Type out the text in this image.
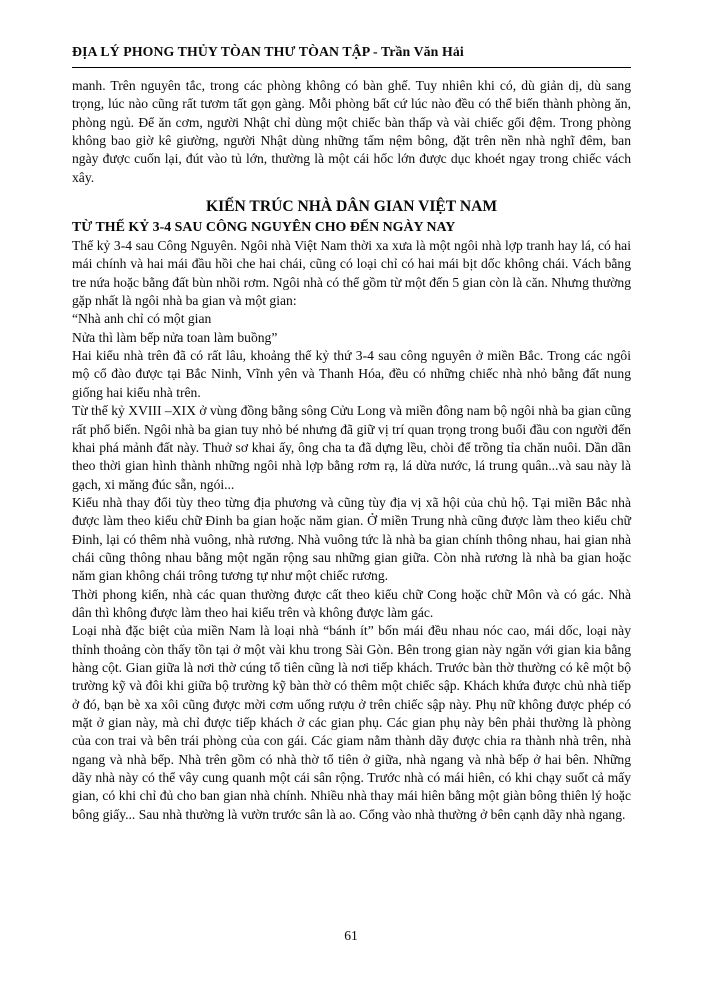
ĐỊA LÝ PHONG THỦY TÒAN THƯ TÒAN TẬP - Trần Văn Hải

manh. Trên nguyên tắc, trong các phòng không có bàn ghế. Tuy nhiên khi có, dù giản dị, dù sang trọng, lúc nào cũng rất tươm tất gọn gàng. Mỗi phòng bất cứ lúc nào đều có thể biến thành phòng ăn, phòng ngủ. Để ăn cơm, người Nhật chỉ dùng một chiếc bàn thấp và vài chiếc gối đệm. Trong phòng không bao giờ kê giường, người Nhật dùng những tấm nệm bông, đặt trên nền nhà nghĩ đêm, ban ngày được cuốn lại, đút vào tủ lớn, thường là một cái hốc lớn được dục khoét ngay trong chiếc vách xây.

KIẾN TRÚC NHÀ DÂN GIAN VIỆT NAM

TỪ THẾ KỶ 3-4 SAU CÔNG NGUYÊN CHO ĐẾN NGÀY NAY

Thế kỷ 3-4 sau Công Nguyên. Ngôi nhà Việt Nam thời xa xưa là một ngôi nhà lợp tranh hay lá, có hai mái chính và hai mái đầu hồi che hai chái, cũng có loại chỉ có hai mái bịt dốc không chái. Vách bằng tre nứa hoặc bằng đất bùn nhồi rơm. Ngôi nhà có thể gồm từ một đến 5 gian còn là căn. Nhưng thường gặp nhất là ngôi nhà ba gian và một gian:

“Nhà anh chỉ có một gian

Nửa thì làm bếp nửa toan làm buồng”

Hai kiểu nhà trên đã có rất lâu, khoảng thế kỷ thứ 3-4 sau công nguyên ở miền Bắc. Trong các ngôi mộ cổ đào được tại Bắc Ninh, Vĩnh yên và Thanh Hóa, đều có những chiếc nhà nhỏ bằng đất nung giống hai kiểu nhà trên.

Từ thế kỷ XVIII –XIX ở vùng đồng bằng sông Cửu Long và miền đông nam bộ ngôi nhà ba gian cũng rất phổ biến. Ngôi nhà ba gian tuy nhỏ bé nhưng đã giữ vị trí quan trọng trong buổi đầu con người đến khai phá mảnh đất này. Thuở sơ khai ấy, ông cha ta đã dựng lều, chòi để trồng tỉa chăn nuôi. Dần dần theo thời gian hình thành những ngôi nhà lợp bằng rơm rạ, lá dừa nước, lá trung quân...và sau này là gạch, xi măng đúc sẵn, ngói...

Kiểu nhà thay đổi tùy theo từng địa phương và cũng tùy địa vị xã hội của chủ hộ. Tại miền Bắc nhà được làm theo kiểu chữ Đinh ba gian hoặc năm gian. Ở miền Trung nhà cũng được làm theo kiểu chữ Đinh, lại có thêm nhà vuông, nhà rương. Nhà vuông tức là nhà ba gian chính thông nhau, hai gian nhà chái cũng thông nhau bằng một ngăn rộng sau những gian giữa. Còn nhà rương là nhà ba gian hoặc năm gian không chái trông tương tự như một chiếc rương.

Thời phong kiến, nhà các quan thường được cất theo kiểu chữ Cong hoặc chữ Môn và có gác. Nhà dân thì không được làm theo hai kiểu trên và không được làm gác.

Loại nhà đặc biệt của miền Nam là loại nhà “bánh ít” bốn mái đều nhau nóc cao, mái dốc, loại này thỉnh thoảng còn thấy tồn tại ở một vài khu trong Sài Gòn. Bên trong gian này ngăn với gian kia bằng hàng cột. Gian giữa là nơi thờ cúng tổ tiên cũng là nơi tiếp khách. Trước bàn thờ thường có kê một bộ trường kỹ và đôi khi giữa bộ trường kỹ bàn thờ có thêm một chiếc sập. Khách khứa được chủ nhà tiếp ở đó, bạn bè xa xôi cũng được mời cơm uống rượu ở trên chiếc sập này. Phụ nữ không được phép có mặt ở gian này, mà chỉ được tiếp khách ở các gian phụ. Các gian phụ này bên phải thường là phòng của con trai và bên trái phòng của con gái. Các giam nằm thành dãy được chia ra thành nhà trên, nhà ngang và nhà bếp. Nhà trên gồm có nhà thờ tổ tiên ở giữa, nhà ngang và nhà bếp ở hai bên. Những dãy nhà này có thể vây cung quanh một cái sân rộng. Trước nhà có mái hiên, có khi chạy suốt cả mấy gian, có khi chỉ đủ cho ban gian nhà chính. Nhiều nhà thay mái hiên bằng một giàn bông thiên lý hoặc bông giấy... Sau nhà thường là vườn trước sân là ao. Cổng vào nhà thường ở bên cạnh dãy nhà ngang.

61
